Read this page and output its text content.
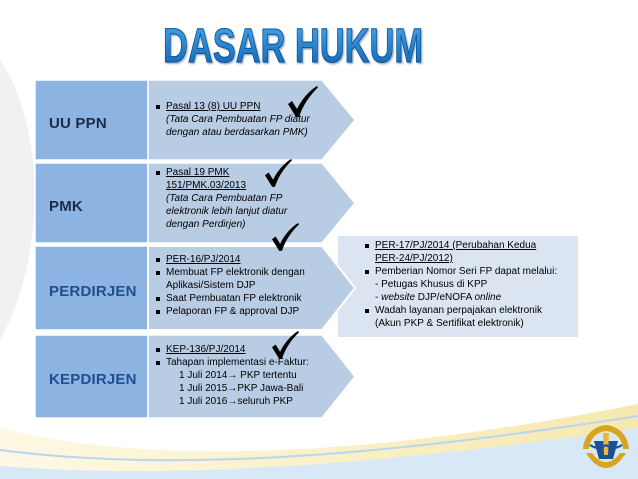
DASAR HUKUM
UU PPN
PMK
PERDIRJEN
KEPDIRJEN
Pasal 13 (8) UU PPN
(Tata Cara Pembuatan FP diatur
dengan atau berdasarkan PMK)
Pasal 19 PMK
151/PMK.03/2013
(Tata Cara Pembuatan FP
elektronik lebih lanjut diatur
dengan Perdirjen)
PER-16/PJ/2014
Membuat FP elektronik dengan
Aplikasi/Sistem DJP
Saat Pembuatan FP elektronik
Pelaporan FP & approval DJP
PER-17/PJ/2014 (Perubahan Kedua
PER-24/PJ/2012)
Pemberian Nomor Seri FP dapat melalui:
- Petugas Khusus di KPP
- website DJP/eNOFA online
Wadah layanan perpajakan elektronik
(Akun PKP & Sertifikat elektronik)
KEP-136/PJ/2014
Tahapan implementasi e-Faktur:
1 Juli 2014→ PKP tertentu
1 Juli 2015→PKP Jawa-Bali
1 Juli 2016→seluruh PKP
